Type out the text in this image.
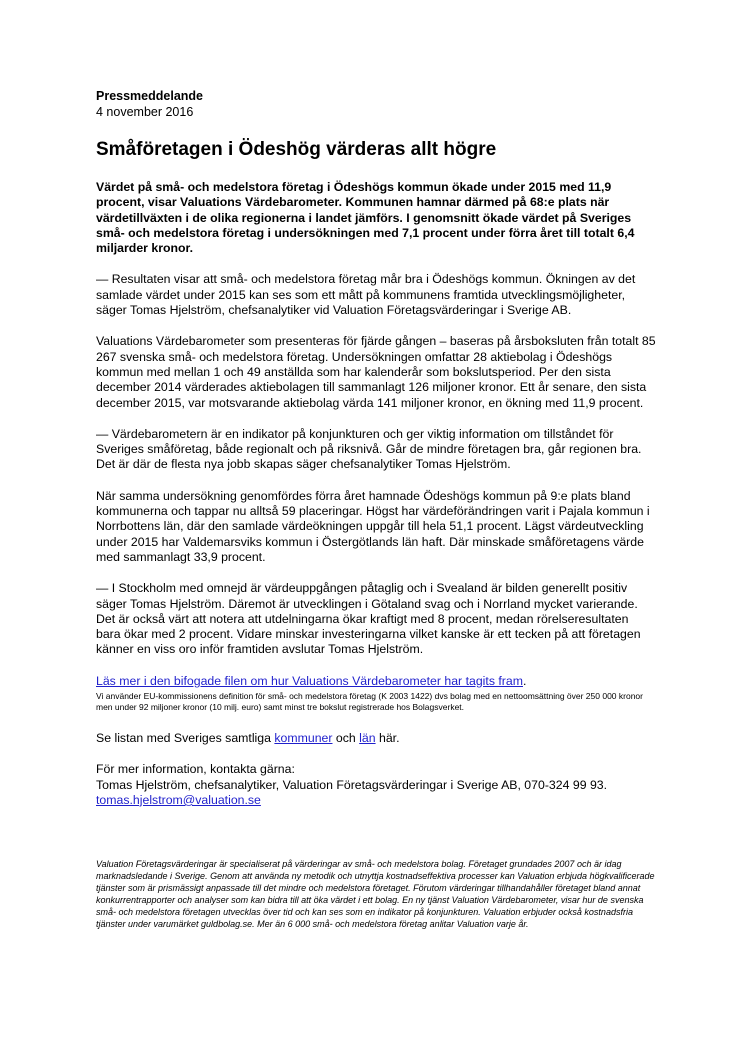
Pressmeddelande
4 november 2016
Småföretagen i Ödeshög värderas allt högre

Värdet på små- och medelstora företag i Ödeshögs kommun ökade under 2015 med 11,9 procent, visar Valuations Värdebarometer. Kommunen hamnar därmed på 68:e plats när värdetillväxten i de olika regionerna i landet jämförs. I genomsnitt ökade värdet på Sveriges små- och medelstora företag i undersökningen med 7,1 procent under förra året till totalt 6,4 miljarder kronor.

— Resultaten visar att små- och medelstora företag mår bra i Ödeshögs kommun. Ökningen av det samlade värdet under 2015 kan ses som ett mått på kommunens framtida utvecklingsmöjligheter, säger Tomas Hjelström, chefsanalytiker vid Valuation Företagsvärderingar i Sverige AB.

Valuations Värdebarometer som presenteras för fjärde gången – baseras på årsboksluten från totalt 85 267 svenska små- och medelstora företag. Undersökningen omfattar 28 aktiebolag i Ödeshögs kommun med mellan 1 och 49 anställda som har kalenderår som bokslutsperiod. Per den sista december 2014 värderades aktiebolagen till sammanlagt 126 miljoner kronor. Ett år senare, den sista december 2015, var motsvarande aktiebolag värda 141 miljoner kronor, en ökning med 11,9 procent.

— Värdebarometern är en indikator på konjunkturen och ger viktig information om tillståndet för Sveriges småföretag, både regionalt och på riksnivå. Går de mindre företagen bra, går regionen bra. Det är där de flesta nya jobb skapas säger chefsanalytiker Tomas Hjelström.

När samma undersökning genomfördes förra året hamnade Ödeshögs kommun på 9:e plats bland kommunerna och tappar nu alltså 59 placeringar. Högst har värdeförändringen varit i Pajala kommun i Norrbottens län, där den samlade värdeökningen uppgår till hela 51,1 procent. Lägst värdeutveckling under 2015 har Valdemarsviks kommun i Östergötlands län haft. Där minskade småföretagens värde med sammanlagt 33,9 procent.

— I Stockholm med omnejd är värdeuppgången påtaglig och i Svealand är bilden generellt positiv säger Tomas Hjelström. Däremot är utvecklingen i Götaland svag och i Norrland mycket varierande. Det är också värt att notera att utdelningarna ökar kraftigt med 8 procent, medan rörelseresultaten bara ökar med 2 procent. Vidare minskar investeringarna vilket kanske är ett tecken på att företagen känner en viss oro inför framtiden avslutar Tomas Hjelström.

Läs mer i den bifogade filen om hur Valuations Värdebarometer har tagits fram.

Vi använder EU-kommissionens definition för små- och medelstora företag (K 2003 1422) dvs bolag med en nettoomsättning över 250 000 kronor men under 92 miljoner kronor (10 milj. euro) samt minst tre bokslut registrerade hos Bolagsverket.

Se listan med Sveriges samtliga kommuner och län här.

För mer information, kontakta gärna:

Tomas Hjelström, chefsanalytiker, Valuation Företagsvärderingar i Sverige AB, 070-324 99 93.

tomas.hjelstrom@valuation.se

Valuation Företagsvärderingar är specialiserat på värderingar av små- och medelstora bolag. Företaget grundades 2007 och är idag marknadsledande i Sverige. Genom att använda ny metodik och utnyttja kostnadseffektiva processer kan Valuation erbjuda högkvalificerade tjänster som är prismässigt anpassade till det mindre och medelstora företaget. Förutom värderingar tillhandahåller företaget bland annat konkurrentrapporter och analyser som kan bidra till att öka värdet i ett bolag. En ny tjänst Valuation Värdebarometer, visar hur de svenska små- och medelstora företagen utvecklas över tid och kan ses som en indikator på konjunkturen. Valuation erbjuder också kostnadsfria tjänster under varumärket guldbolag.se. Mer än 6 000 små- och medelstora företag anlitar Valuation varje år.
